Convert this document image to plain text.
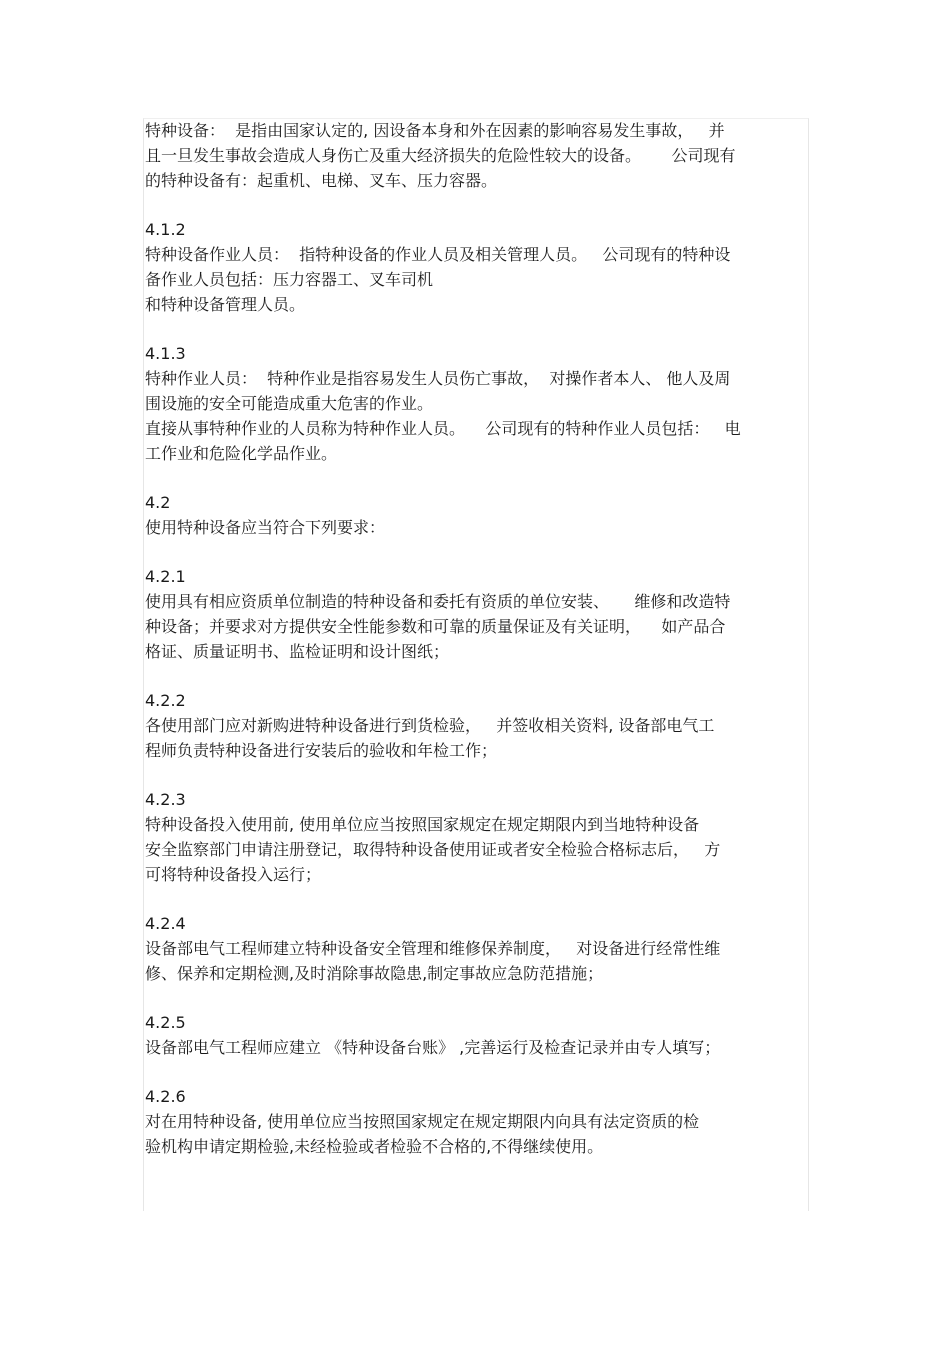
特种设备：  是指由国家认定的, 因设备本身和外在因素的影响容易发生事故，   并

且一旦发生事故会造成人身伤亡及重大经济损失的危险性较大的设备。      公司现有

的特种设备有：起重机、电梯、叉车、压力容器。

4.1.2

特种设备作业人员：  指特种设备的作业人员及相关管理人员。   公司现有的特种设

备作业人员包括：压力容器工、叉车司机

和特种设备管理人员。

4.1.3

特种作业人员：  特种作业是指容易发生人员伤亡事故，  对操作者本人、 他人及周

围设施的安全可能造成重大危害的作业。

直接从事特种作业的人员称为特种作业人员。    公司现有的特种作业人员包括：   电

工作业和危险化学品作业。

4.2

使用特种设备应当符合下列要求：

4.2.1

使用具有相应资质单位制造的特种设备和委托有资质的单位安装、     维修和改造特

种设备；并要求对方提供安全性能参数和可靠的质量保证及有关证明，    如产品合

格证、质量证明书、监检证明和设计图纸；

4.2.2

各使用部门应对新购进特种设备进行到货检验，   并签收相关资料, 设备部电气工

程师负责特种设备进行安装后的验收和年检工作；

4.2.3

特种设备投入使用前, 使用单位应当按照国家规定在规定期限内到当地特种设备

安全监察部门申请注册登记，取得特种设备使用证或者安全检验合格标志后，   方

可将特种设备投入运行；

4.2.4

设备部电气工程师建立特种设备安全管理和维修保养制度，   对设备进行经常性维

修、保养和定期检测,及时消除事故隐患,制定事故应急防范措施；

4.2.5

设备部电气工程师应建立 《特种设备台账》 ,完善运行及检查记录并由专人填写；

4.2.6

对在用特种设备, 使用单位应当按照国家规定在规定期限内向具有法定资质的检

验机构申请定期检验,未经检验或者检验不合格的,不得继续使用。
